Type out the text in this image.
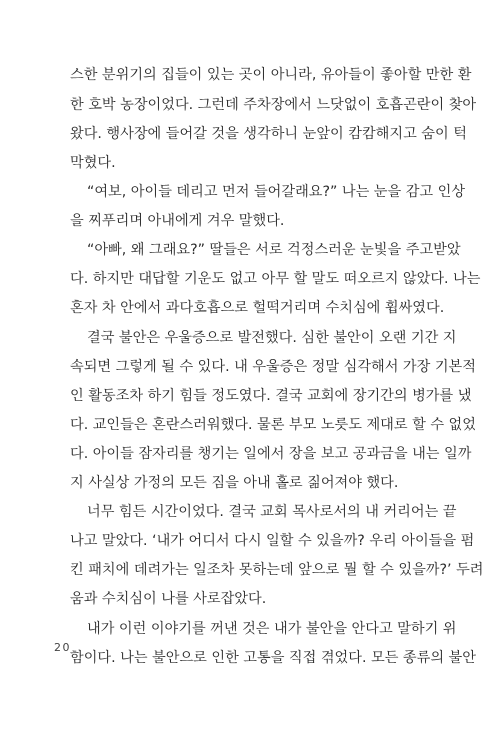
스한 분위기의 집들이 있는 곳이 아니라, 유아들이 좋아할 만한 환
한 호박 농장이었다. 그런데 주차장에서 느닷없이 호흡곤란이 찾아
왔다. 행사장에 들어갈 것을 생각하니 눈앞이 캄캄해지고 숨이 턱
막혔다.
“여보, 아이들 데리고 먼저 들어갈래요?” 나는 눈을 감고 인상
을 찌푸리며 아내에게 겨우 말했다.
“아빠, 왜 그래요?” 딸들은 서로 걱정스러운 눈빛을 주고받았
다. 하지만 대답할 기운도 없고 아무 할 말도 떠오르지 않았다. 나는
혼자 차 안에서 과다호흡으로 헐떡거리며 수치심에 휩싸였다.
결국 불안은 우울증으로 발전했다. 심한 불안이 오랜 기간 지
속되면 그렇게 될 수 있다. 내 우울증은 정말 심각해서 가장 기본적
인 활동조차 하기 힘들 정도였다. 결국 교회에 장기간의 병가를 냈
다. 교인들은 혼란스러워했다. 물론 부모 노릇도 제대로 할 수 없었
다. 아이들 잠자리를 챙기는 일에서 장을 보고 공과금을 내는 일까
지 사실상 가정의 모든 짐을 아내 홀로 짊어져야 했다.
너무 힘든 시간이었다. 결국 교회 목사로서의 내 커리어는 끝
나고 말았다. ‘내가 어디서 다시 일할 수 있을까? 우리 아이들을 펌
킨 패치에 데려가는 일조차 못하는데 앞으로 뭘 할 수 있을까?’ 두려
움과 수치심이 나를 사로잡았다.
내가 이런 이야기를 꺼낸 것은 내가 불안을 안다고 말하기 위
함이다. 나는 불안으로 인한 고통을 직접 겪었다. 모든 종류의 불안
20
